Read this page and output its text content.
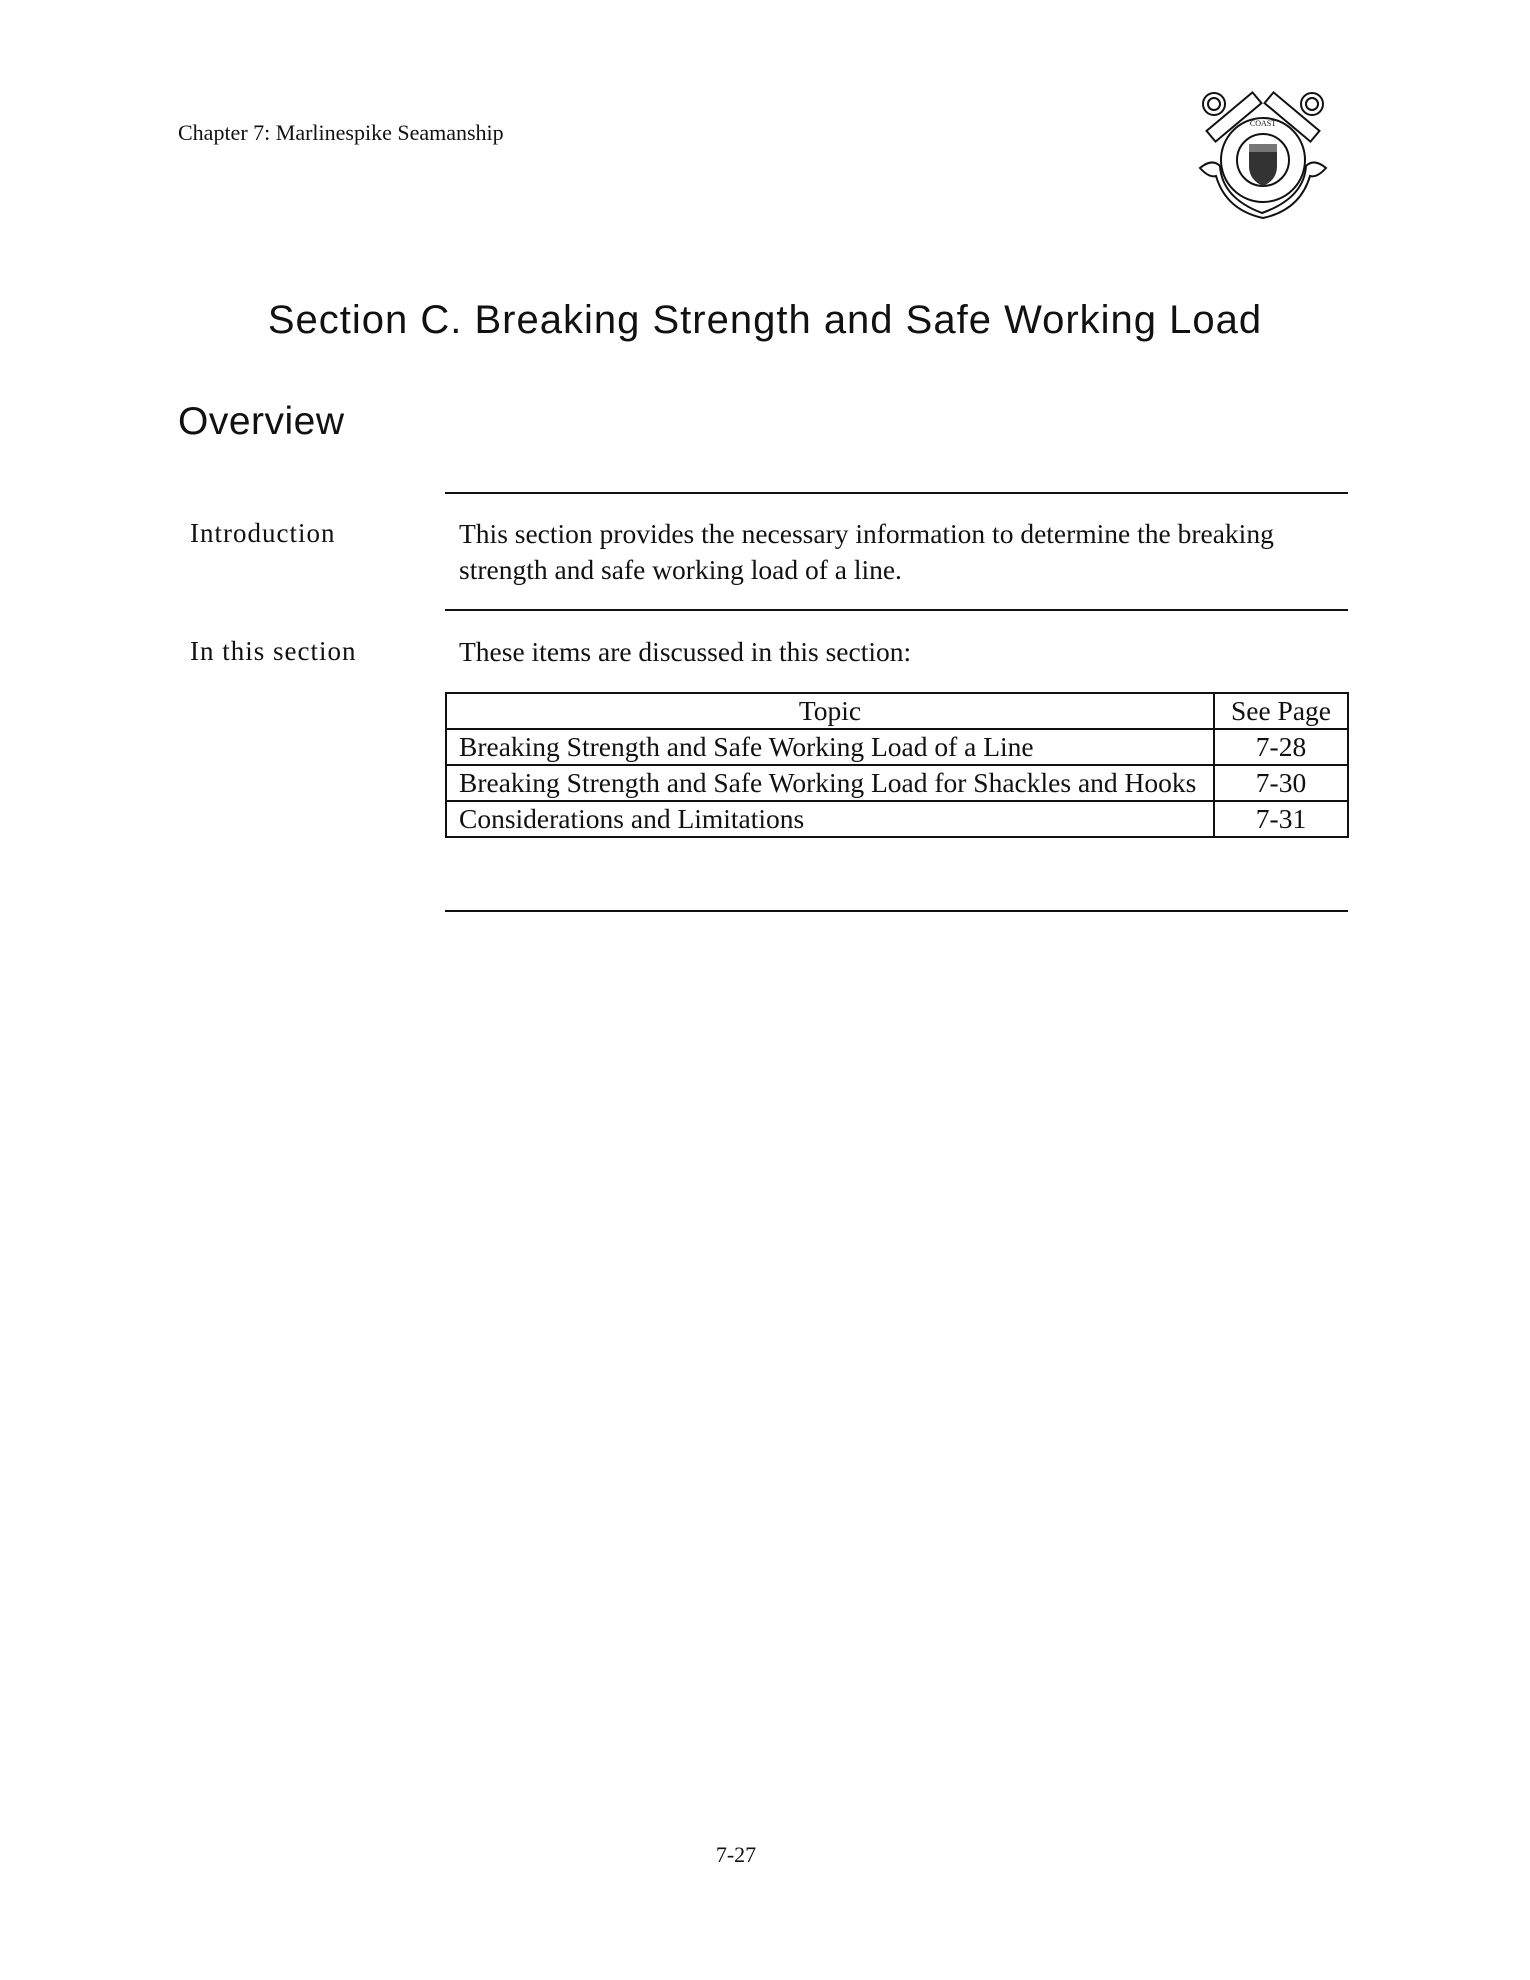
Chapter 7: Marlinespike Seamanship	COAST
Section C. Breaking Strength and Safe Working Load
Overview
Introduction	This section provides the necessary information to determine the breaking strength and safe working load of a line.
In this section	These items are discussed in this section:
Topic	See Page
Breaking Strength and Safe Working Load of a Line	7-28
Breaking Strength and Safe Working Load for Shackles and Hooks	7-30
Considerations and Limitations	7-31
7-27
